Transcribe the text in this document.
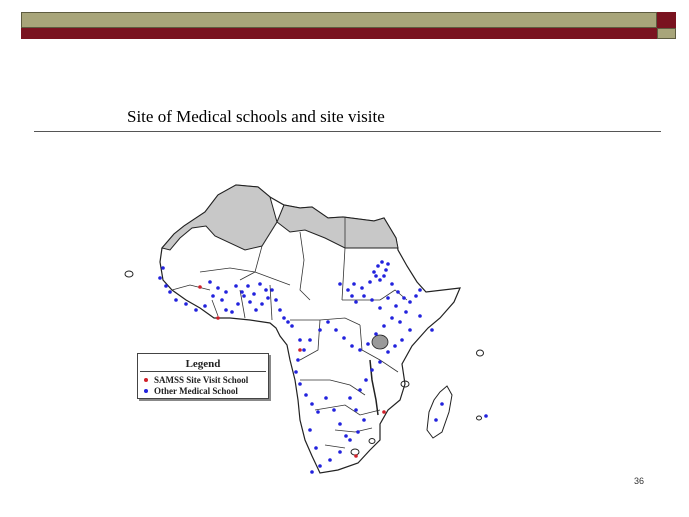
Site of Medical schools and site visite
Legend
SAMSS Site Visit School
Other Medical School
36
